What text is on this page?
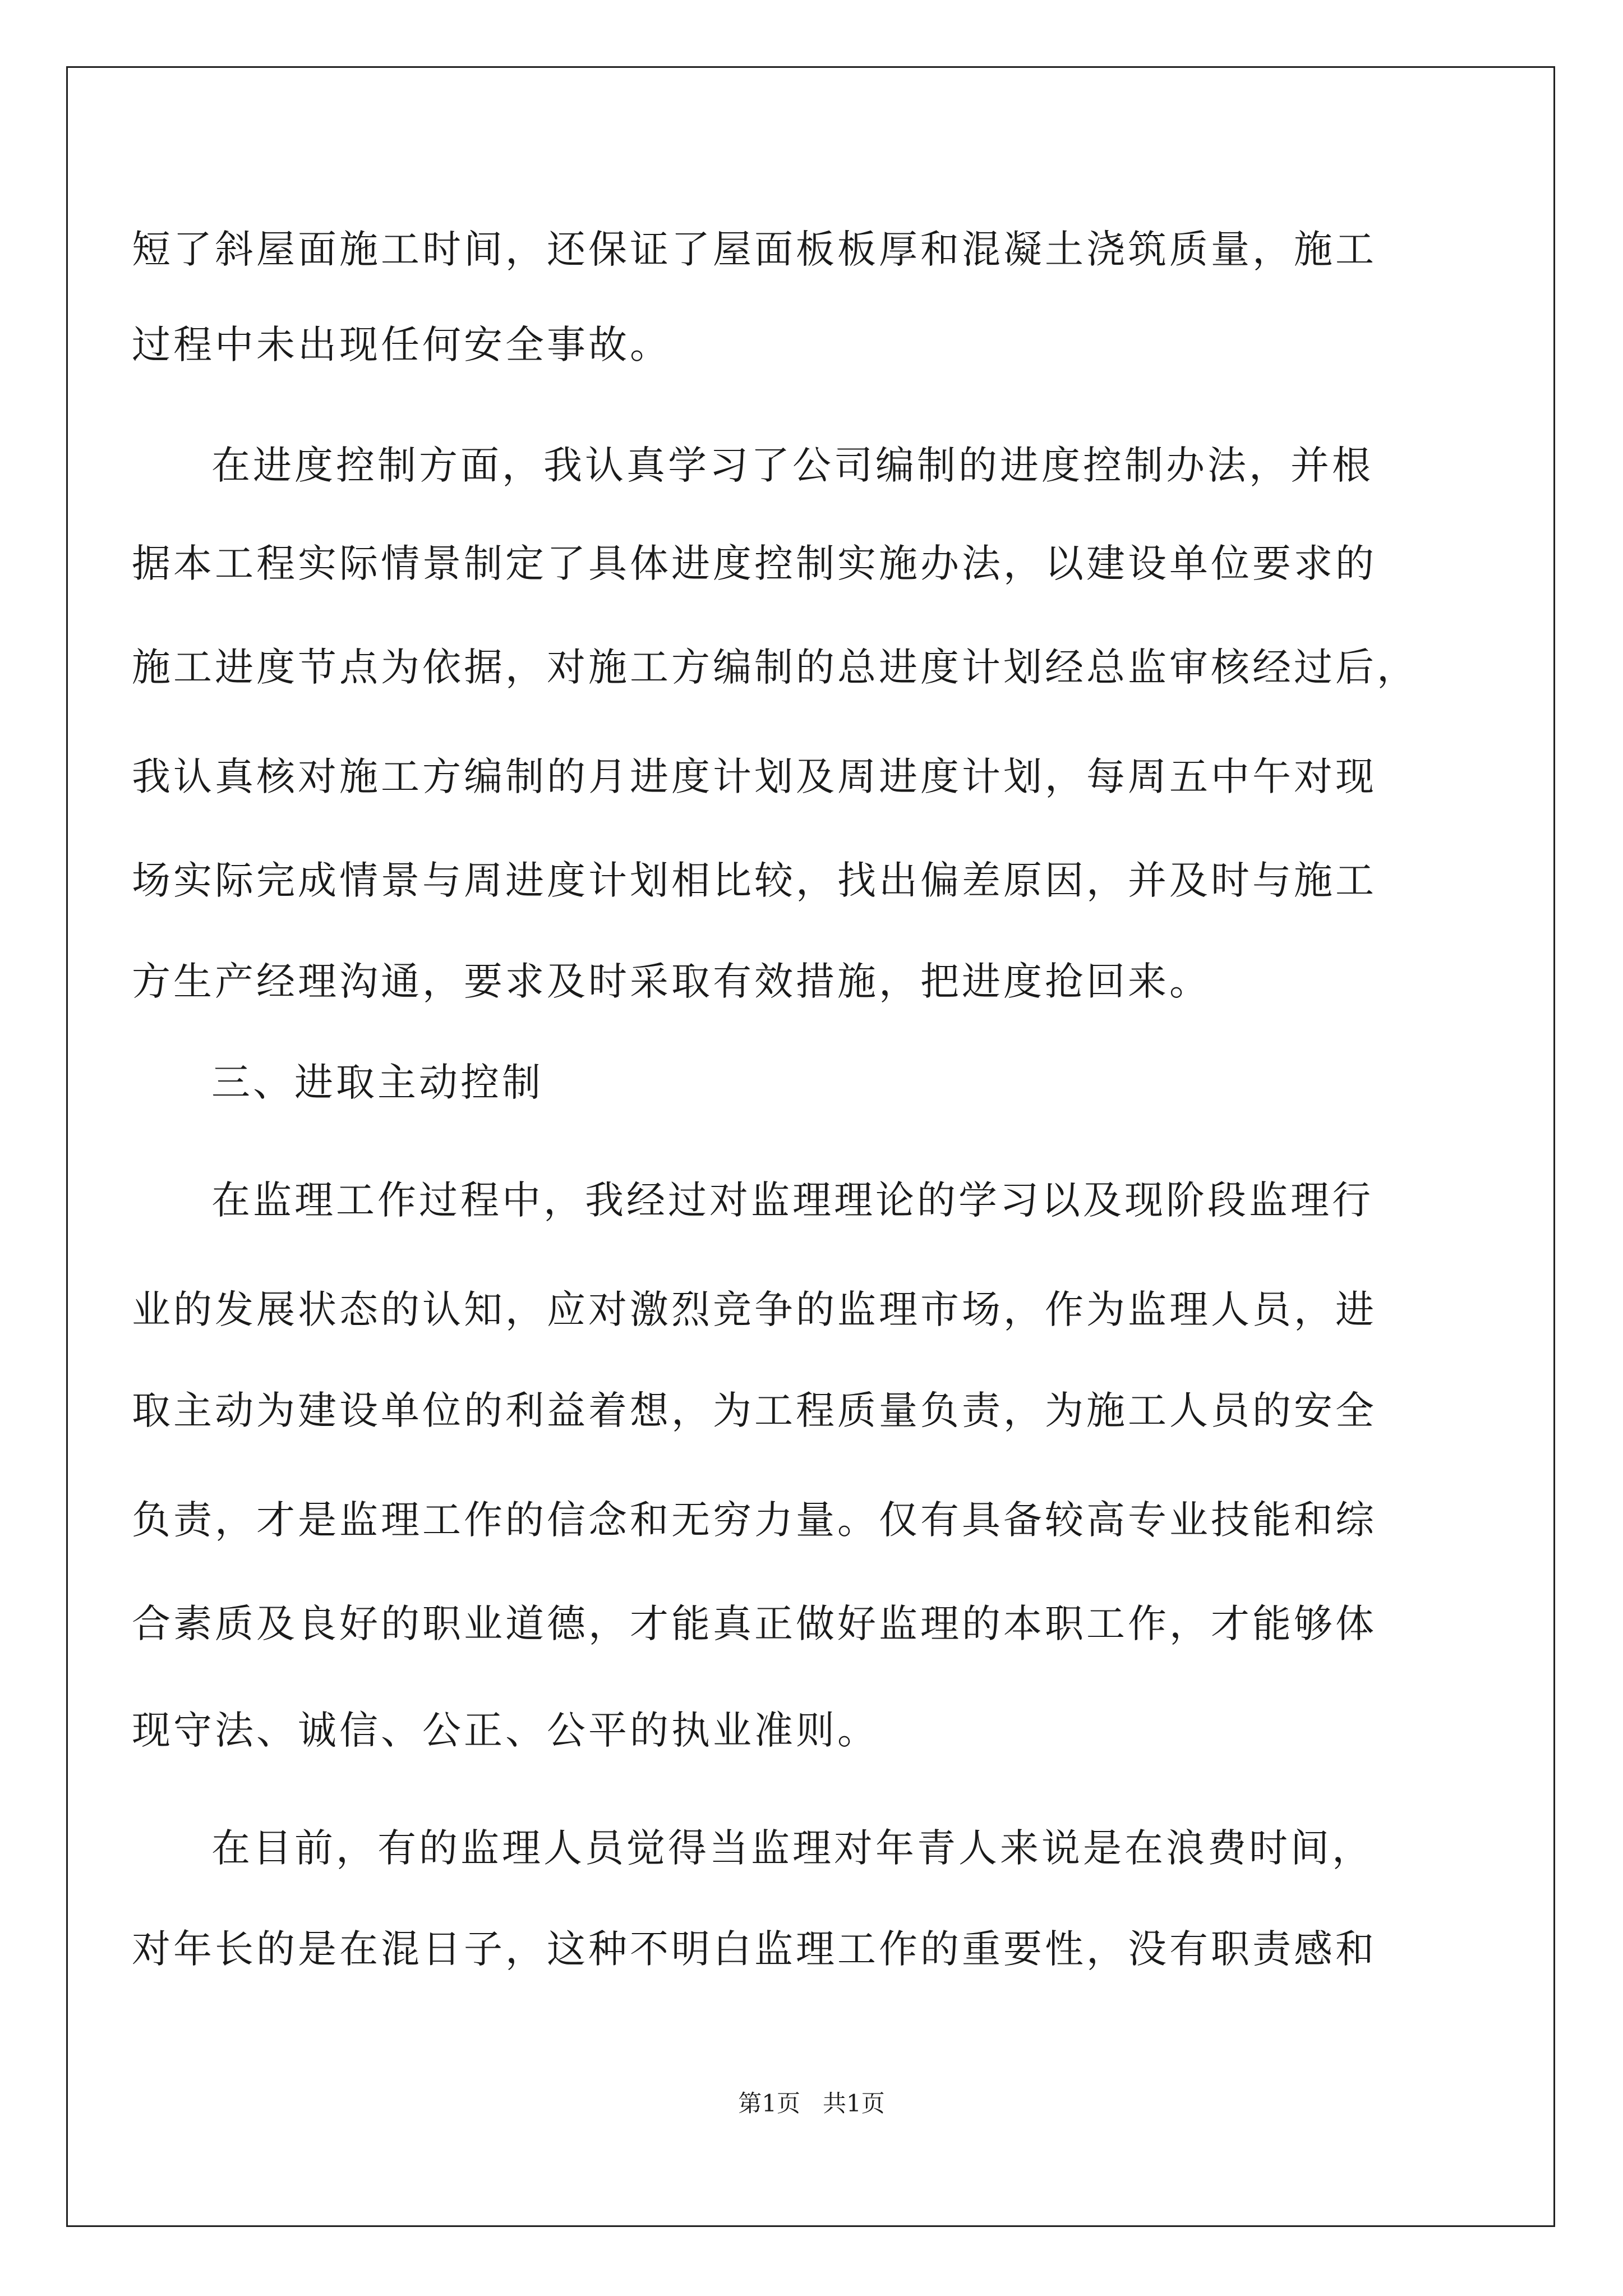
短了斜屋面施工时间，还保证了屋面板板厚和混凝土浇筑质量，施工
过程中未出现任何安全事故。
在进度控制方面，我认真学习了公司编制的进度控制办法，并根
据本工程实际情景制定了具体进度控制实施办法，以建设单位要求的
施工进度节点为依据，对施工方编制的总进度计划经总监审核经过后，
我认真核对施工方编制的月进度计划及周进度计划，每周五中午对现
场实际完成情景与周进度计划相比较，找出偏差原因，并及时与施工
方生产经理沟通，要求及时采取有效措施，把进度抢回来。
三、进取主动控制
在监理工作过程中，我经过对监理理论的学习以及现阶段监理行
业的发展状态的认知，应对激烈竞争的监理市场，作为监理人员，进
取主动为建设单位的利益着想，为工程质量负责，为施工人员的安全
负责，才是监理工作的信念和无穷力量。仅有具备较高专业技能和综
合素质及良好的职业道德，才能真正做好监理的本职工作，才能够体
现守法、诚信、公正、公平的执业准则。
在目前，有的监理人员觉得当监理对年青人来说是在浪费时间，
对年长的是在混日子，这种不明白监理工作的重要性，没有职责感和
第1页   共1页
